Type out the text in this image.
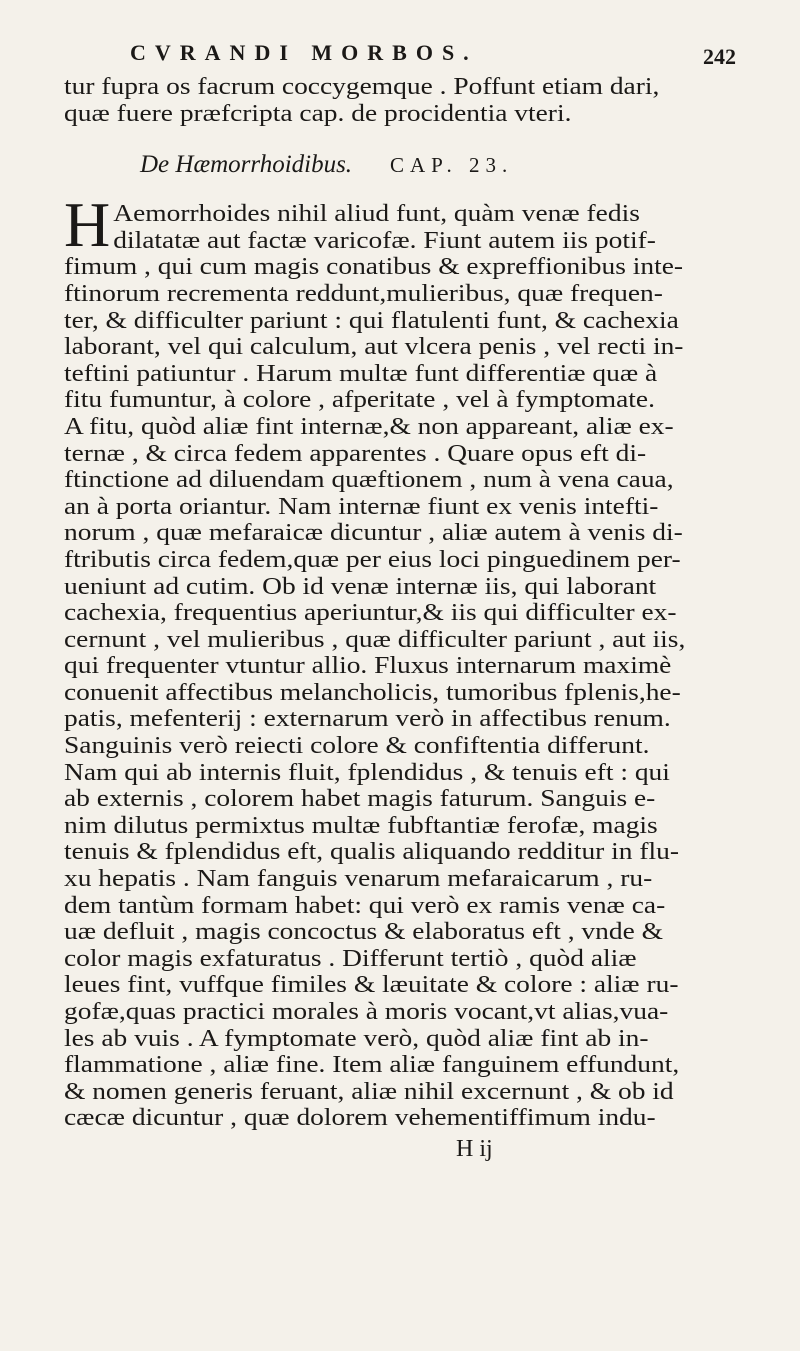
CVRANDI MORBOS.	242
tur fupra os facrum coccygemque . Poffunt etiam dari,
quæ fuere præfcripta cap. de procidentia vteri.
De Hæmorrhoidibus. CAP. 23.
H Aemorrhoides nihil aliud funt, quàm venæ fedis
dilatatæ aut factæ varicofæ. Fiunt autem iis potif-
fimum , qui cum magis conatibus & expreffionibus inte-
ftinorum recrementa reddunt,mulieribus, quæ frequen-
ter, & difficulter pariunt : qui flatulenti funt, & cachexia
laborant, vel qui calculum, aut vlcera penis , vel recti in-
teftini patiuntur . Harum multæ funt differentiæ quæ à
fitu fumuntur, à colore , afperitate , vel à fymptomate.
A fitu, quòd aliæ fint internæ,& non appareant, aliæ ex-
ternæ , & circa fedem apparentes . Quare opus eft di-
ftinctione ad diluendam quæftionem , num à vena caua,
an à porta oriantur. Nam internæ fiunt ex venis intefti-
norum , quæ mefaraicæ dicuntur , aliæ autem à venis di-
ftributis circa fedem,quæ per eius loci pinguedinem per-
ueniunt ad cutim. Ob id venæ internæ iis, qui laborant
cachexia, frequentius aperiuntur,& iis qui difficulter ex-
cernunt , vel mulieribus , quæ difficulter pariunt , aut iis,
qui frequenter vtuntur allio. Fluxus internarum maximè
conuenit affectibus melancholicis, tumoribus fplenis,he-
patis, mefenterij : externarum verò in affectibus renum.
Sanguinis verò reiecti colore & confiftentia differunt.
Nam qui ab internis fluit, fplendidus , & tenuis eft : qui
ab externis , colorem habet magis faturum. Sanguis e-
nim dilutus permixtus multæ fubftantiæ ferofæ, magis
tenuis & fplendidus eft, qualis aliquando redditur in flu-
xu hepatis . Nam fanguis venarum mefaraicarum , ru-
dem tantùm formam habet: qui verò ex ramis venæ ca-
uæ defluit , magis concoctus & elaboratus eft , vnde &
color magis exfaturatus . Differunt tertiò , quòd aliæ
leues fint, vuffque fimiles & læuitate & colore : aliæ ru-
gofæ,quas practici morales à moris vocant,vt alias,vua-
les ab vuis . A fymptomate verò, quòd aliæ fint ab in-
flammatione , aliæ fine. Item aliæ fanguinem effundunt,
& nomen generis feruant, aliæ nihil excernunt , & ob id
cæcæ dicuntur , quæ dolorem vehementiffimum indu-
H ij
